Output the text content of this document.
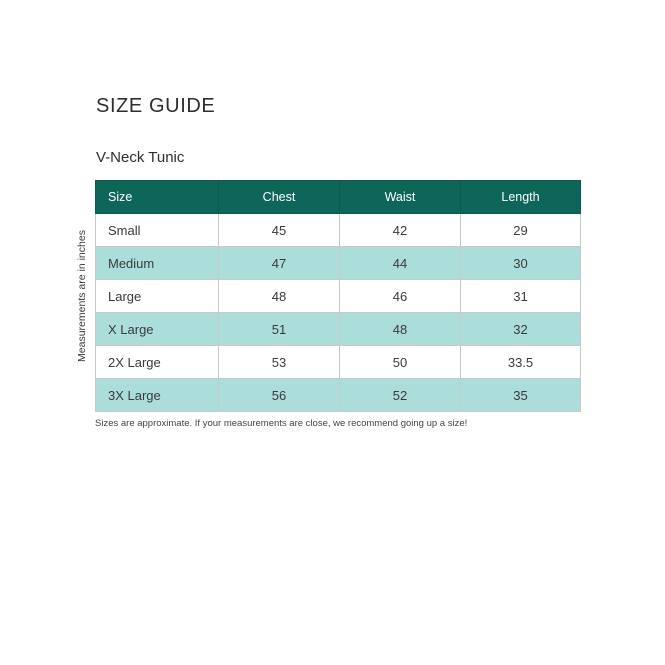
SIZE GUIDE
V-Neck Tunic
Measurements are in inches
Size	Chest	Waist	Length
Small	45	42	29
Medium	47	44	30
Large	48	46	31
X Large	51	48	32
2X Large	53	50	33.5
3X Large	56	52	35
Sizes are approximate. If your measurements are close, we recommend going up a size!
